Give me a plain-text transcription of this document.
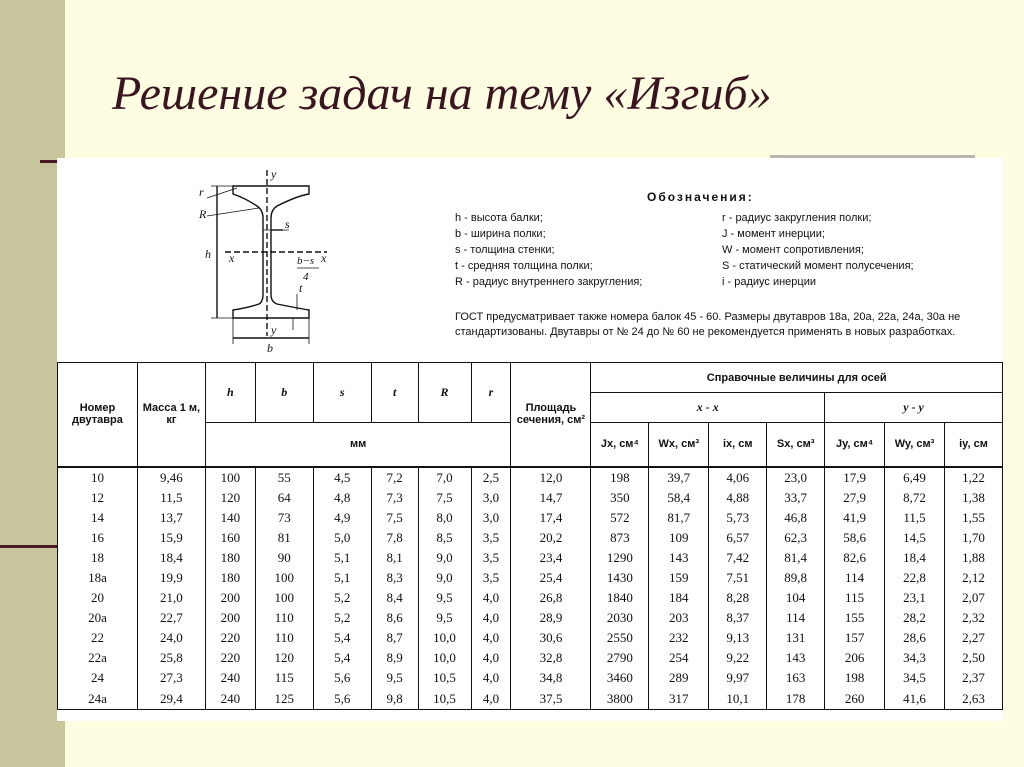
Решение задач на тему «Изгиб»
y
y
x	x
r
R
s
h
b
t
b−s
4
Обозначения:
h - высота балки;
b - ширина полки;
s - толщина стенки;
t - средняя толщина полки;
R - радиус внутреннего закругления;
r - радиус закругления полки;
J - момент инерции;
W - момент сопротивления;
S - статический момент полусечения;
i - радиус инерции
ГОСТ предусматривает также номера балок 45 - 60. Размеры двутавров 18а, 20а, 22а, 24а, 30а не стандартизованы. Двутавры от № 24 до № 60 не рекомендуется применять в новых разработках.
Номер двутавра	Масса 1 м, кг	h	b	s	t	R	r	Площадь сечения, см²	Справочные величины для осей						
									x - x				y - y		
		мм							Jx, см⁴	Wx, см³	ix, см	Sx, см³	Jy, см⁴	Wy, см³	iy, см
10	9,46	100	55	4,5	7,2	7,0	2,5	12,0	198	39,7	4,06	23,0	17,9	6,49	1,22
12	11,5	120	64	4,8	7,3	7,5	3,0	14,7	350	58,4	4,88	33,7	27,9	8,72	1,38
14	13,7	140	73	4,9	7,5	8,0	3,0	17,4	572	81,7	5,73	46,8	41,9	11,5	1,55
16	15,9	160	81	5,0	7,8	8,5	3,5	20,2	873	109	6,57	62,3	58,6	14,5	1,70
18	18,4	180	90	5,1	8,1	9,0	3,5	23,4	1290	143	7,42	81,4	82,6	18,4	1,88
18а	19,9	180	100	5,1	8,3	9,0	3,5	25,4	1430	159	7,51	89,8	114	22,8	2,12
20	21,0	200	100	5,2	8,4	9,5	4,0	26,8	1840	184	8,28	104	115	23,1	2,07
20а	22,7	200	110	5,2	8,6	9,5	4,0	28,9	2030	203	8,37	114	155	28,2	2,32
22	24,0	220	110	5,4	8,7	10,0	4,0	30,6	2550	232	9,13	131	157	28,6	2,27
22а	25,8	220	120	5,4	8,9	10,0	4,0	32,8	2790	254	9,22	143	206	34,3	2,50
24	27,3	240	115	5,6	9,5	10,5	4,0	34,8	3460	289	9,97	163	198	34,5	2,37
24а	29,4	240	125	5,6	9,8	10,5	4,0	37,5	3800	317	10,1	178	260	41,6	2,63
